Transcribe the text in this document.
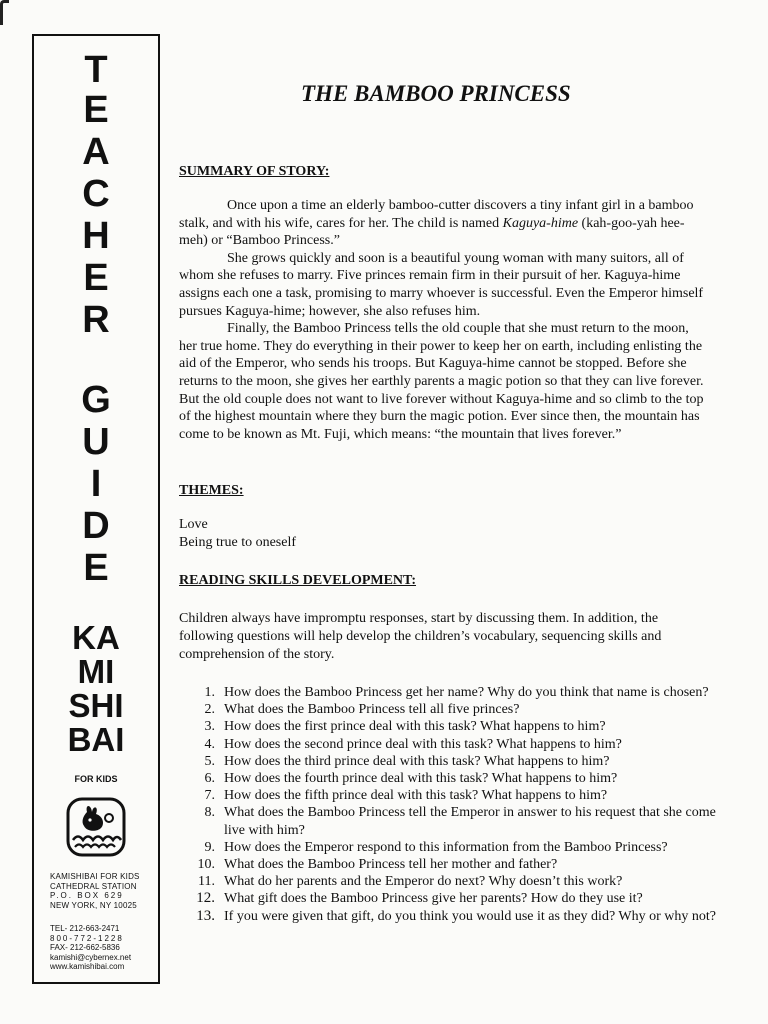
T
E
A
C
H
E
R
G
U
I
D
E
KA
MI
SHI
BAI
FOR KIDS
KAMISHIBAI FOR KIDS
CATHEDRAL STATION
P.O. BOX 629
NEW YORK, NY 10025
TEL- 212-663-2471
800-772-1228
FAX- 212-662-5836
kamishi@cybernex.net
www.kamishibai.com
THE BAMBOO PRINCESS
SUMMARY OF STORY:

Once upon a time an elderly bamboo-cutter discovers a tiny infant girl in a bamboo stalk, and with his wife, cares for her. The child is named Kaguya-hime (kah-goo-yah hee-meh) or “Bamboo Princess.”

She grows quickly and soon is a beautiful young woman with many suitors, all of whom she refuses to marry. Five princes remain firm in their pursuit of her. Kaguya-hime assigns each one a task, promising to marry whoever is successful. Even the Emperor himself pursues Kaguya-hime; however, she also refuses him.

Finally, the Bamboo Princess tells the old couple that she must return to the moon, her true home. They do everything in their power to keep her on earth, including enlisting the aid of the Emperor, who sends his troops. But Kaguya-hime cannot be stopped. Before she returns to the moon, she gives her earthly parents a magic potion so that they can live forever. But the old couple does not want to live forever without Kaguya-hime and so climb to the top of the highest mountain where they burn the magic potion. Ever since then, the mountain has come to be known as Mt. Fuji, which means: “the mountain that lives forever.”

THEMES:
Love
Being true to oneself
READING SKILLS DEVELOPMENT:
Children always have impromptu responses, start by discussing them. In addition, the following questions will help develop the children’s vocabulary, sequencing skills and comprehension of the story.
1. How does the Bamboo Princess get her name? Why do you think that name is chosen?
2. What does the Bamboo Princess tell all five princes?
3. How does the first prince deal with this task? What happens to him?
4. How does the second prince deal with this task? What happens to him?
5. How does the third prince deal with this task? What happens to him?
6. How does the fourth prince deal with this task? What happens to him?
7. How does the fifth prince deal with this task? What happens to him?
8. What does the Bamboo Princess tell the Emperor in answer to his request that she come live with him?
9. How does the Emperor respond to this information from the Bamboo Princess?
10. What does the Bamboo Princess tell her mother and father?
11. What do her parents and the Emperor do next? Why doesn’t this work?
12. What gift does the Bamboo Princess give her parents? How do they use it?
13. If you were given that gift, do you think you would use it as they did? Why or why not?
